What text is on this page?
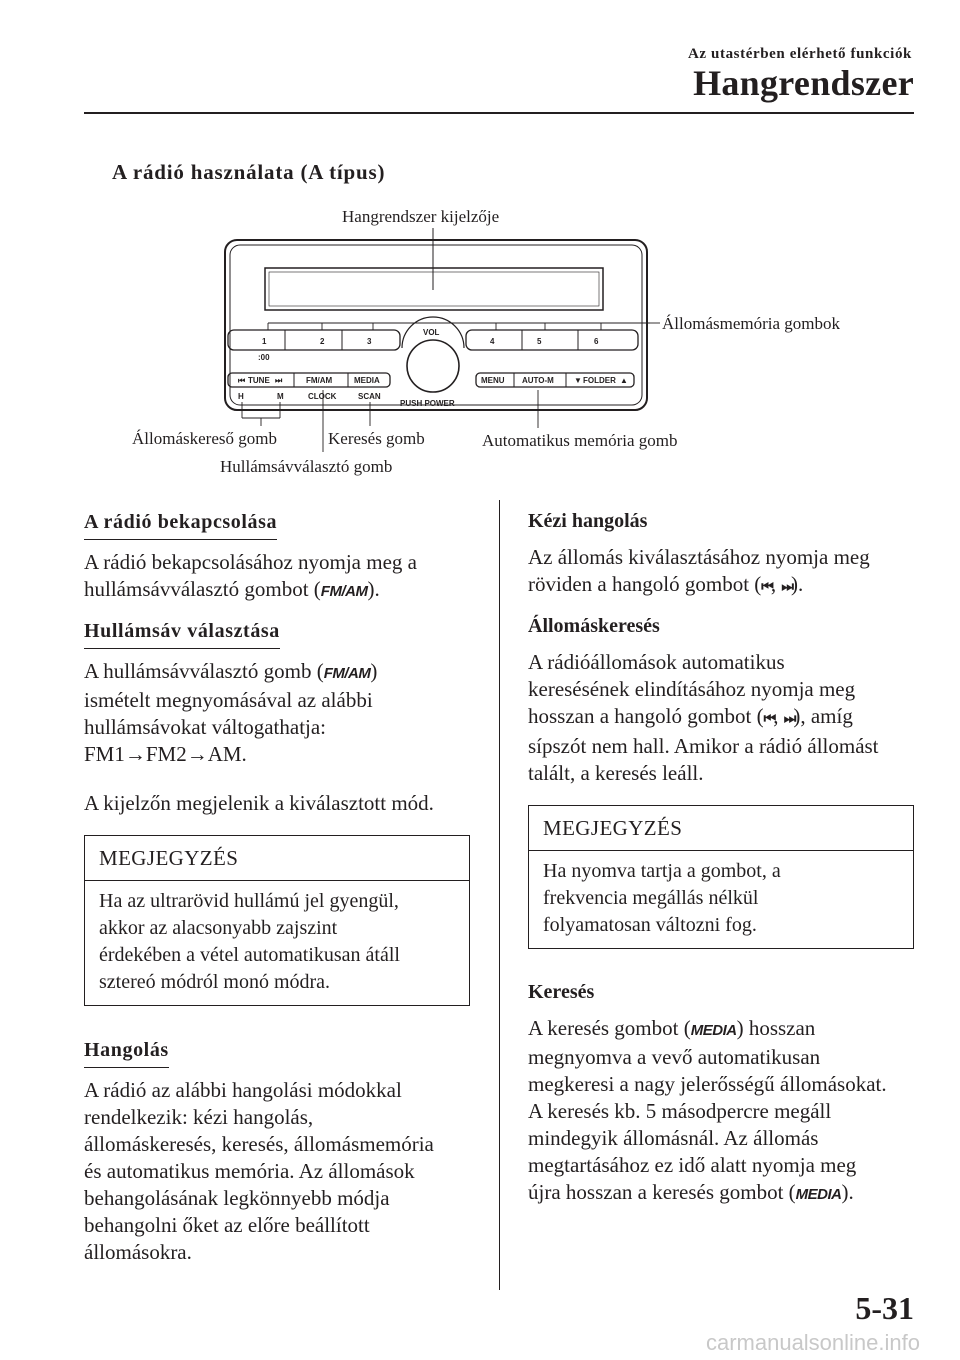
Az utastérben elérhető funkciók
Hangrendszer
A rádió használata (A típus)
1	2	3
:00
4	5	6
VOL
PUSH POWER
⏮ TUNE ⏭	FM/AM	MEDIA
H	M	CLOCK	SCAN
MENU AUTO-M	▼ FOLDER ▲
Hangrendszer kijelzője
Állomásmemória gombok
Állomáskereső gomb
Hullámsávválasztó gomb
Keresés gomb	Automatikus memória gomb
A rádió bekapcsolása

A rádió bekapcsolásához nyomja meg a
hullámsávválasztó gombot (FM/AM).

Hullámsáv választása

A hullámsávválasztó gomb (FM/AM)
ismételt megnyomásával az alábbi
hullámsávokat váltogathatja:
FM1→FM2→AM.

A kijelzőn megjelenik a kiválasztott mód.

MEGJEGYZÉS
Ha az ultrarövid hullámú jel gyengül,
akkor az alacsonyabb zajszint
érdekében a vétel automatikusan átáll
sztereó módról monó módra.
Hangolás

A rádió az alábbi hangolási módokkal
rendelkezik: kézi hangolás,
állomáskeresés, keresés, állomásmemória
és automatikus memória. Az állomások
behangolásának legkönnyebb módja
behangolni őket az előre beállított
állomásokra.

Kézi hangolás

Az állomás kiválasztásához nyomja meg
röviden a hangoló gombot (⏮, ⏭).

Állomáskeresés

A rádióállomások automatikus
keresésének elindításához nyomja meg
hosszan a hangoló gombot (⏮, ⏭), amíg
sípszót nem hall. Amikor a rádió állomást
talált, a keresés leáll.

MEGJEGYZÉS
Ha nyomva tartja a gombot, a
frekvencia megállás nélkül
folyamatosan változni fog.
Keresés

A keresés gombot (MEDIA) hosszan
megnyomva a vevő automatikusan
megkeresi a nagy jelerősségű állomásokat.
A keresés kb. 5 másodpercre megáll
mindegyik állomásnál. Az állomás
megtartásához ez idő alatt nyomja meg
újra hosszan a keresés gombot (MEDIA).

5-31
carmanualsonline.info
